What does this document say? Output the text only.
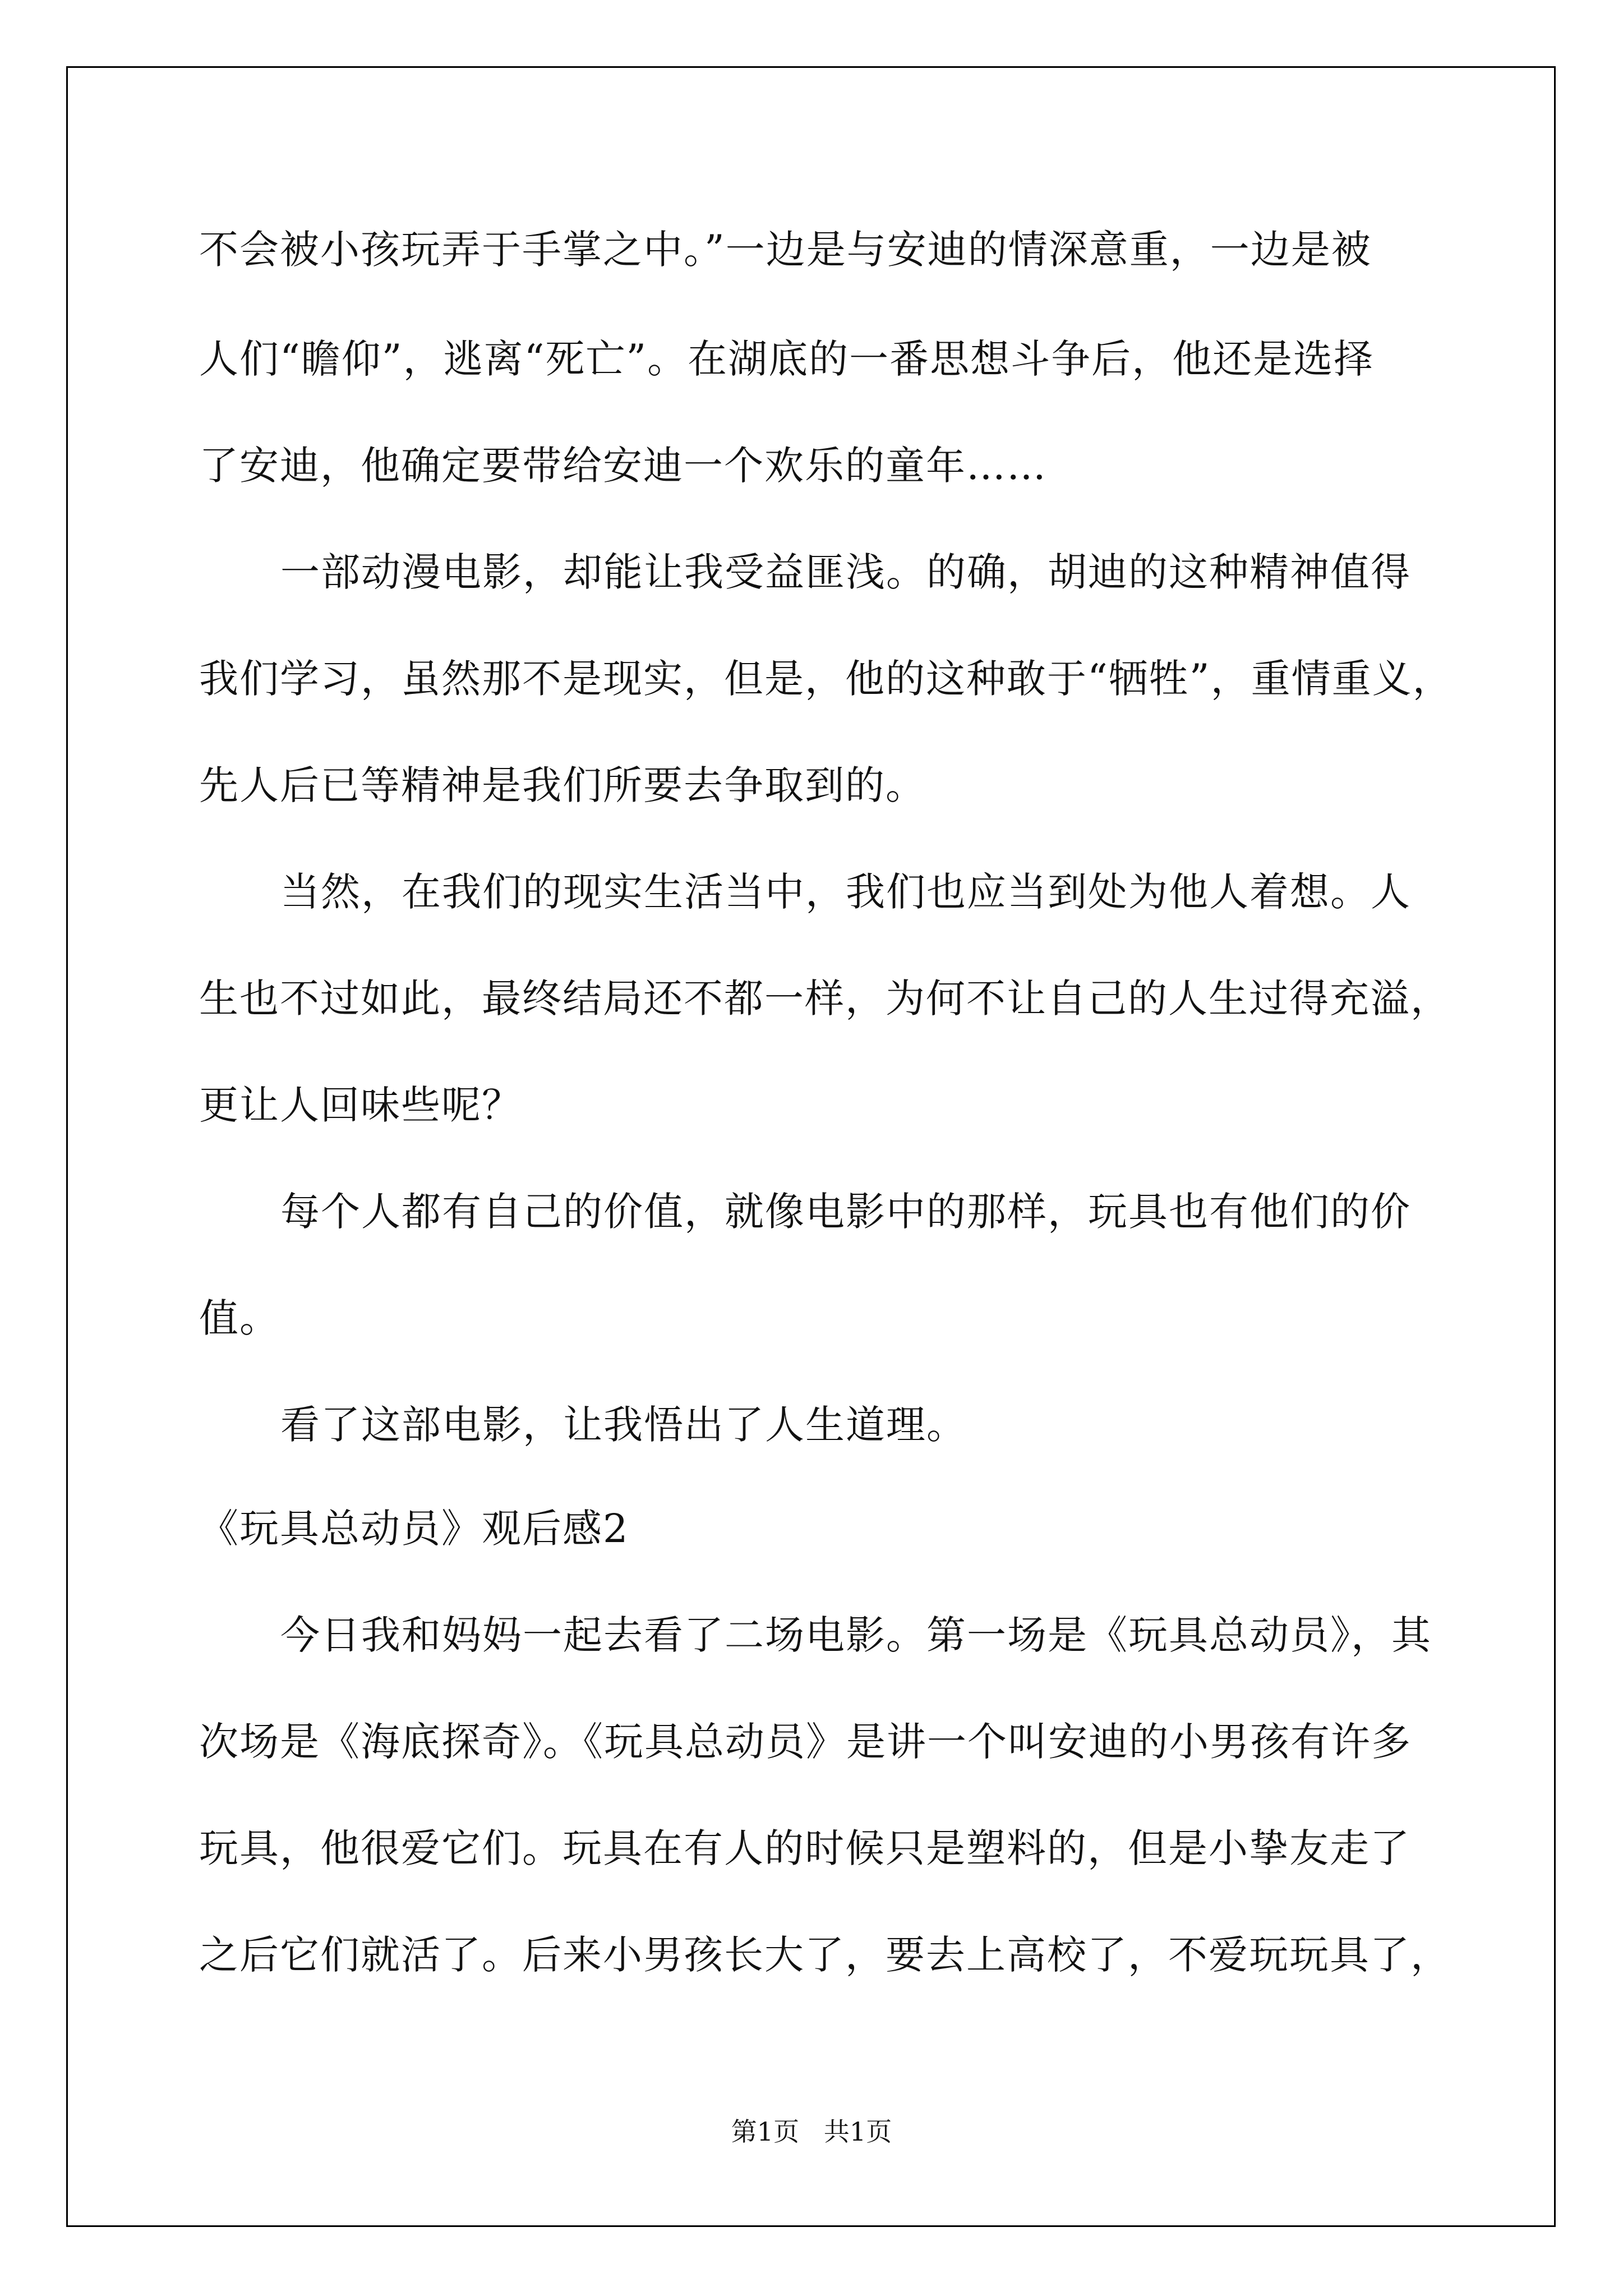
不会被小孩玩弄于手掌之中。”一边是与安迪的情深意重，一边是被
人们“瞻仰”，逃离“死亡”。在湖底的一番思想斗争后，他还是选择
了安迪，他确定要带给安迪一个欢乐的童年……
一部动漫电影，却能让我受益匪浅。的确，胡迪的这种精神值得
我们学习，虽然那不是现实，但是，他的这种敢于“牺牲”，重情重义，
先人后已等精神是我们所要去争取到的。
当然，在我们的现实生活当中，我们也应当到处为他人着想。人
生也不过如此，最终结局还不都一样，为何不让自己的人生过得充溢，
更让人回味些呢？
每个人都有自己的价值，就像电影中的那样，玩具也有他们的价
值。
看了这部电影，让我悟出了人生道理。
《玩具总动员》观后感2
今日我和妈妈一起去看了二场电影。第一场是《玩具总动员》，其
次场是《海底探奇》。《玩具总动员》是讲一个叫安迪的小男孩有许多
玩具，他很爱它们。玩具在有人的时候只是塑料的，但是小挚友走了
之后它们就活了。后来小男孩长大了，要去上高校了，不爱玩玩具了，
第1页   共1页
